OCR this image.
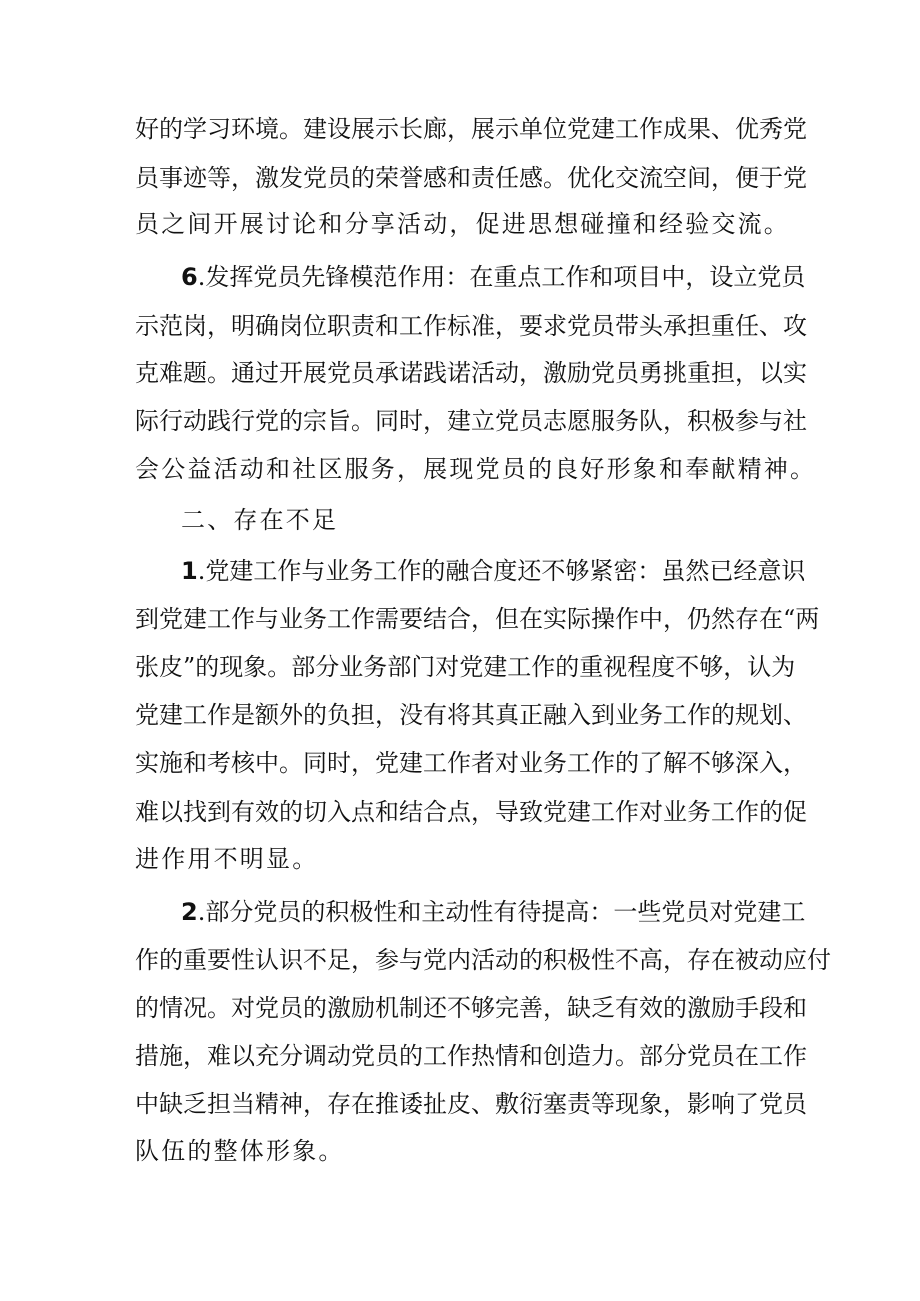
好的学习环境。建设展示长廊，展示单位党建工作成果、优秀党
员事迹等，激发党员的荣誉感和责任感。优化交流空间，便于党
员之间开展讨论和分享活动，促进思想碰撞和经验交流。
6.发挥党员先锋模范作用：在重点工作和项目中，设立党员
示范岗，明确岗位职责和工作标准，要求党员带头承担重任、攻
克难题。通过开展党员承诺践诺活动，激励党员勇挑重担，以实
际行动践行党的宗旨。同时，建立党员志愿服务队，积极参与社
会公益活动和社区服务，展现党员的良好形象和奉献精神。
二、存在不足
1.党建工作与业务工作的融合度还不够紧密：虽然已经意识
到党建工作与业务工作需要结合，但在实际操作中，仍然存在“两
张皮”的现象。部分业务部门对党建工作的重视程度不够，认为
党建工作是额外的负担，没有将其真正融入到业务工作的规划、
实施和考核中。同时，党建工作者对业务工作的了解不够深入，
难以找到有效的切入点和结合点，导致党建工作对业务工作的促
进作用不明显。
2.部分党员的积极性和主动性有待提高：一些党员对党建工
作的重要性认识不足，参与党内活动的积极性不高，存在被动应付
的情况。对党员的激励机制还不够完善，缺乏有效的激励手段和
措施，难以充分调动党员的工作热情和创造力。部分党员在工作
中缺乏担当精神，存在推诿扯皮、敷衍塞责等现象，影响了党员
队伍的整体形象。
